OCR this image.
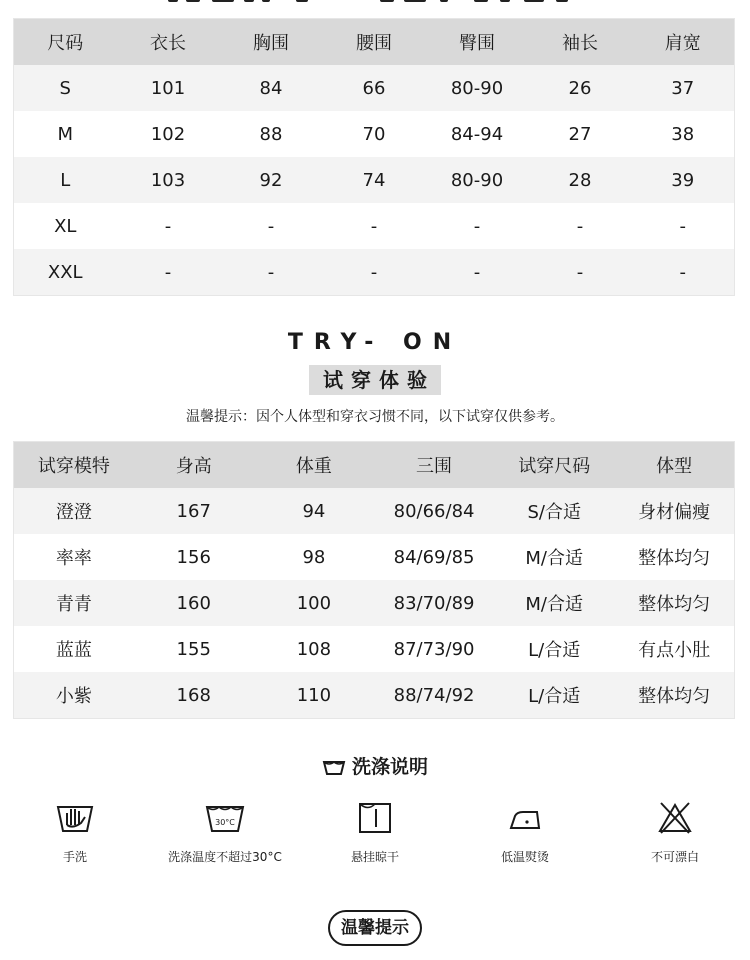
尺码	衣长	胸围	腰围	臀围	袖长	肩宽
S	101	84	66	80-90	26	37
M	102	88	70	84-94	27	38
L	103	92	74	80-90	28	39
XL	-	-	-	-	-	-
XXL	-	-	-	-	-	-
TRY- ON
试穿体验
温馨提示：因个人体型和穿衣习惯不同，以下试穿仅供参考。
试穿模特	身高	体重	三围	试穿尺码	体型
澄澄	167	94	80/66/84	S/合适	身材偏瘦
率率	156	98	84/69/85	M/合适	整体均匀
青青	160	100	83/70/89	M/合适	整体均匀
蓝蓝	155	108	87/73/90	L/合适	有点小肚
小紫	168	110	88/74/92	L/合适	整体均匀
洗涤说明
手洗
30°C
洗涤温度不超过30°C	悬挂晾干	低温熨烫	不可漂白
温馨提示
